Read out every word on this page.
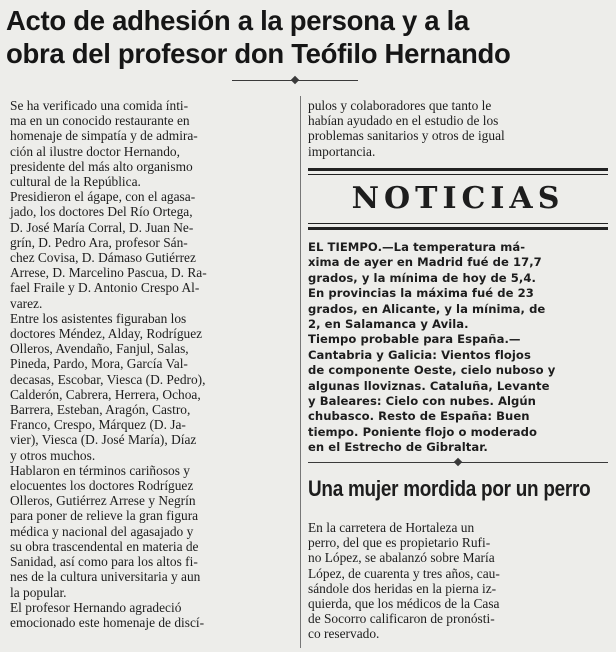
Acto de adhesión a la persona y a la
obra del profesor don Teófilo Hernando

Se ha verificado una comida ínti-
ma en un conocido restaurante en
homenaje de simpatía y de admira-
ción al ilustre doctor Hernando,
presidente del más alto organismo
cultural de la República.

Presidieron el ágape, con el agasa-
jado, los doctores Del Río Ortega,
D. José María Corral, D. Juan Ne-
grín, D. Pedro Ara, profesor Sán-
chez Covisa, D. Dámaso Gutiérrez
Arrese, D. Marcelino Pascua, D. Ra-
fael Fraile y D. Antonio Crespo Al-
varez.

Entre los asistentes figuraban los
doctores Méndez, Alday, Rodríguez
Olleros, Avendaño, Fanjul, Salas,
Pineda, Pardo, Mora, García Val-
decasas, Escobar, Viesca (D. Pedro),
Calderón, Cabrera, Herrera, Ochoa,
Barrera, Esteban, Aragón, Castro,
Franco, Crespo, Márquez (D. Ja-
vier), Viesca (D. José María), Díaz
y otros muchos.

Hablaron en términos cariñosos y
elocuentes los doctores Rodríguez
Olleros, Gutiérrez Arrese y Negrín
para poner de relieve la gran figura
médica y nacional del agasajado y
su obra trascendental en materia de
Sanidad, así como para los altos fi-
nes de la cultura universitaria y aun
la popular.

El profesor Hernando agradeció
emocionado este homenaje de discí-

pulos y colaboradores que tanto le
habían ayudado en el estudio de los
problemas sanitarios y otros de igual
importancia.

NOTICIAS

EL TIEMPO.—La temperatura má-
xima de ayer en Madrid fué de 17,7
grados, y la mínima de hoy de 5,4.
En provincias la máxima fué de 23
grados, en Alicante, y la mínima, de
2, en Salamanca y Avila.

Tiempo probable para España.—
Cantabria y Galicia: Vientos flojos
de componente Oeste, cielo nuboso y
algunas lloviznas. Cataluña, Levante
y Baleares: Cielo con nubes. Algún
chubasco. Resto de España: Buen
tiempo. Poniente flojo o moderado
en el Estrecho de Gibraltar.

Una mujer mordida por un perro

En la carretera de Hortaleza un
perro, del que es propietario Rufi-
no López, se abalanzó sobre María
López, de cuarenta y tres años, cau-
sándole dos heridas en la pierna iz-
quierda, que los médicos de la Casa
de Socorro calificaron de pronósti-
co reservado.
